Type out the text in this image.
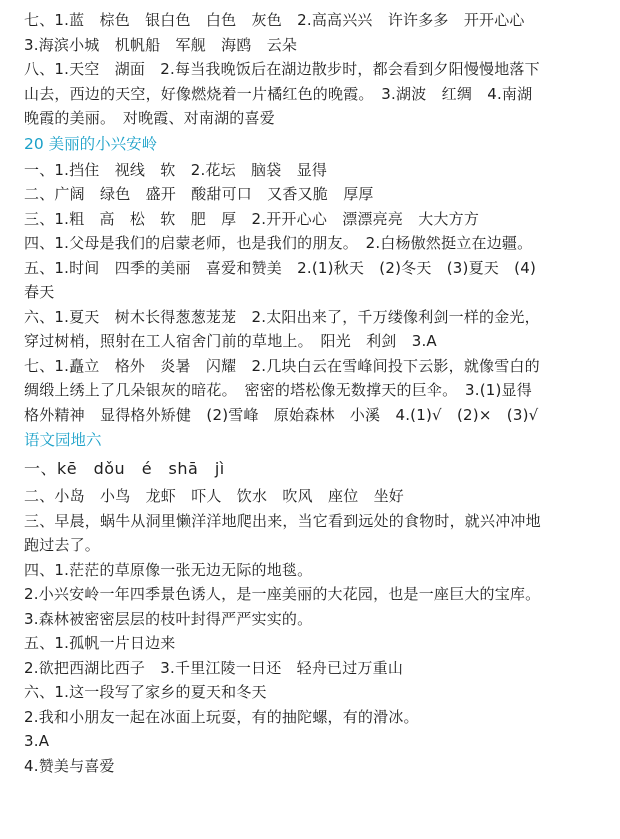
七、1.蓝　棕色　银白色　白色　灰色　2.高高兴兴　许许多多　开开心心
3.海滨小城　机帆船　军舰　海鸥　云朵
八、1.天空　湖面　2.每当我晚饭后在湖边散步时，都会看到夕阳慢慢地落下
山去，西边的天空，好像燃烧着一片橘红色的晚霞。　3.湖波　红绸　4.南湖
晚霞的美丽。　对晚霞、对南湖的喜爱
20 美丽的小兴安岭
一、1.挡住　视线　软　2.花坛　脑袋　显得
二、广阔　绿色　盛开　酸甜可口　又香又脆　厚厚
三、1.粗　高　松　软　肥　厚　2.开开心心　漂漂亮亮　大大方方
四、1.父母是我们的启蒙老师，也是我们的朋友。　2.白杨傲然挺立在边疆。
五、1.时间　四季的美丽　喜爱和赞美　2.(1)秋天　(2)冬天　(3)夏天　(4)
春天
六、1.夏天　树木长得葱葱茏茏　2.太阳出来了，千万缕像利剑一样的金光，
穿过树梢，照射在工人宿舍门前的草地上。　阳光　利剑　3.A
七、1.矗立　格外　炎暑　闪耀　2.几块白云在雪峰间投下云影，就像雪白的
绸缎上绣上了几朵银灰的暗花。　密密的塔松像无数撑天的巨伞。　3.(1)显得
格外精神　显得格外矫健　(2)雪峰　原始森林　小溪　4.(1)√　(2)×　(3)√
语文园地六
一、kē　dǒu　é　shā　jì
二、小岛　小鸟　龙虾　吓人　饮水　吹风　座位　坐好
三、早晨，蜗牛从洞里懒洋洋地爬出来，当它看到远处的食物时，就兴冲冲地
跑过去了。
四、1.茫茫的草原像一张无边无际的地毯。
2.小兴安岭一年四季景色诱人，是一座美丽的大花园，也是一座巨大的宝库。
3.森林被密密层层的枝叶封得严严实实的。
五、1.孤帆一片日边来
2.欲把西湖比西子　3.千里江陵一日还　轻舟已过万重山
六、1.这一段写了家乡的夏天和冬天
2.我和小朋友一起在冰面上玩耍，有的抽陀螺，有的滑冰。
3.A
4.赞美与喜爱
